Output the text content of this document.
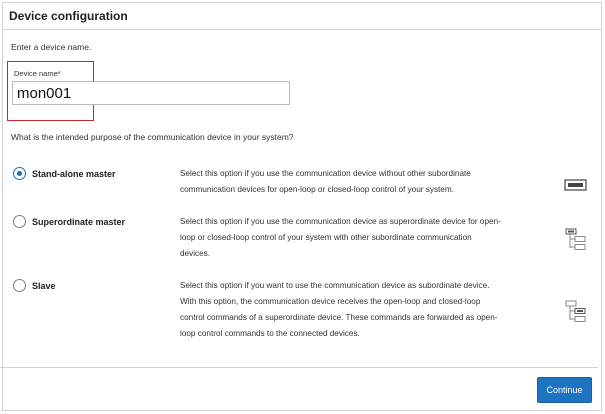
Device configuration
Enter a device name.
Device name*
mon001
What is the intended purpose of the communication device in your system?
Stand-alone master	Select this option if you use the communication device without other subordinate
communication devices for open-loop or closed-loop control of your system.
Superordinate master	Select this option if you use the communication device as superordinate device for open-
loop or closed-loop control of your system with other subordinate communication
devices.
Slave	Select this option if you want to use the communication device as subordinate device.
With this option, the communication device receives the open-loop and closed-loop
control commands of a superordinate device. These commands are forwarded as open-
loop control commands to the connected devices.
Continue
